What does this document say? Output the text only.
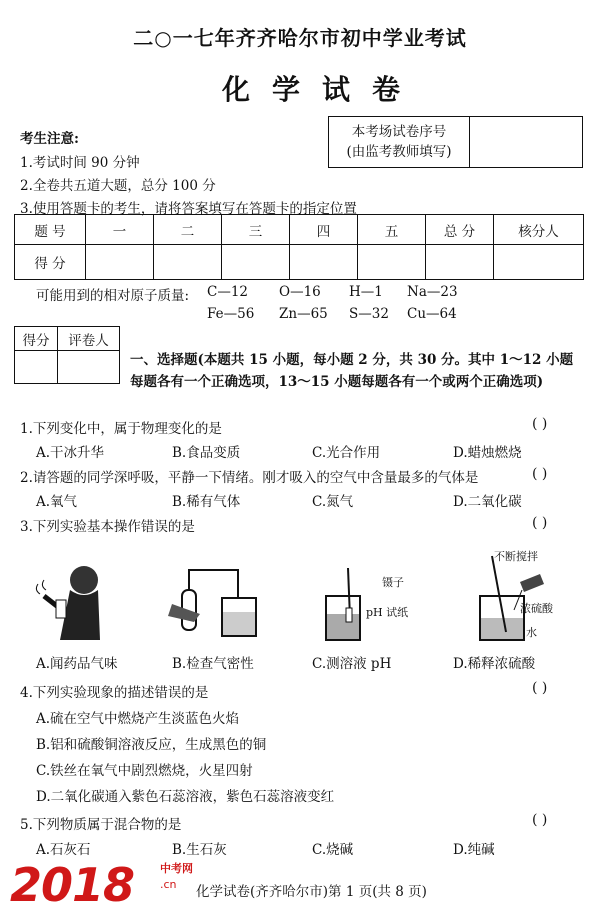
二○一七年齐齐哈尔市初中学业考试
化学试卷
本考场试卷序号
(由监考教师填写)

考生注意:
1.考试时间 90 分钟
2.全卷共五道大题，总分 100 分
3.使用答题卡的考生，请将答案填写在答题卡的指定位置
题 号	一	二	三	四	五	总 分	核分人
得 分							
可能用到的相对原子质量: C—12 O—16 H—1 Na—23
Fe—56 Zn—65 S—32 Cu—64
得分	评卷人

一、选择题(本题共 15 小题，每小题 2 分，共 30 分。其中 1～12 小题
每题各有一个正确选项，13～15 小题每题各有一个或两个正确选项)
1.下列变化中，属于物理变化的是	( )
A.干冰升华	B.食品变质	C.光合作用	D.蜡烛燃烧
2.请答题的同学深呼吸，平静一下情绪。刚才吸入的空气中含量最多的气体是	( )
A.氧气	B.稀有气体	C.氮气	D.二氧化碳
3.下列实验基本操作错误的是	( )
镊子
pH 试纸
不断搅拌
浓硫酸
水
A.闻药品气味	B.检查气密性	C.测溶液 pH	D.稀释浓硫酸
4.下列实验现象的描述错误的是	( )
A.硫在空气中燃烧产生淡蓝色火焰
B.铝和硫酸铜溶液反应，生成黑色的铜
C.铁丝在氧气中剧烈燃烧，火星四射
D.二氧化碳通入紫色石蕊溶液，紫色石蕊溶液变红
5.下列物质属于混合物的是	( )
A.石灰石	B.生石灰	C.烧碱	D.纯碱
化学试卷(齐齐哈尔市)第 1 页(共 8 页)
2018 中考网
.cn
